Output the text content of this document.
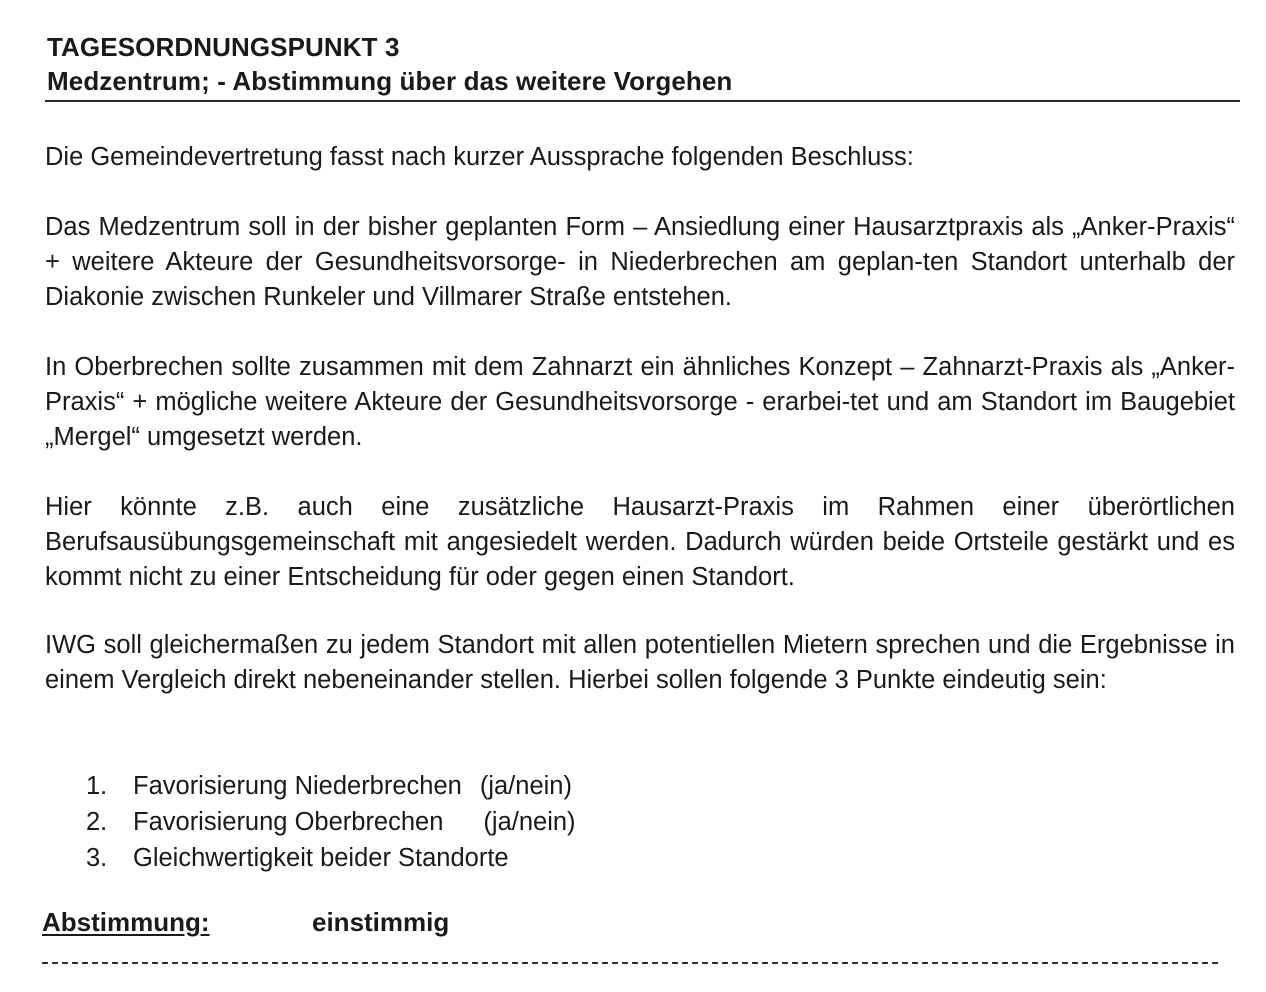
TAGESORDNUNGSPUNKT 3
Medzentrum; - Abstimmung über das weitere Vorgehen

Die Gemeindevertretung fasst nach kurzer Aussprache folgenden Beschluss:

Das Medzentrum soll in der bisher geplanten Form – Ansiedlung einer Hausarztpraxis als „Anker-Praxis“ + weitere Akteure der Gesundheitsvorsorge- in Niederbrechen am geplan-ten Standort unterhalb der Diakonie zwischen Runkeler und Villmarer Straße entstehen.

In Oberbrechen sollte zusammen mit dem Zahnarzt ein ähnliches Konzept – Zahnarzt-Praxis als „Anker-Praxis“ + mögliche weitere Akteure der Gesundheitsvorsorge - erarbei-tet und am Standort im Baugebiet „Mergel“ umgesetzt werden.

Hier könnte z.B. auch eine zusätzliche Hausarzt-Praxis im Rahmen einer überörtlichen Berufsausübungsgemeinschaft mit angesiedelt werden. Dadurch würden beide Ortsteile gestärkt und es kommt nicht zu einer Entscheidung für oder gegen einen Standort.

IWG soll gleichermaßen zu jedem Standort mit allen potentiellen Mietern sprechen und die Ergebnisse in einem Vergleich direkt nebeneinander stellen. Hierbei sollen folgende 3 Punkte eindeutig sein:

1. Favorisierung Niederbrechen (ja/nein)
2. Favorisierung Oberbrechen (ja/nein)
3. Gleichwertigkeit beider Standorte
Abstimmung:	einstimmig
